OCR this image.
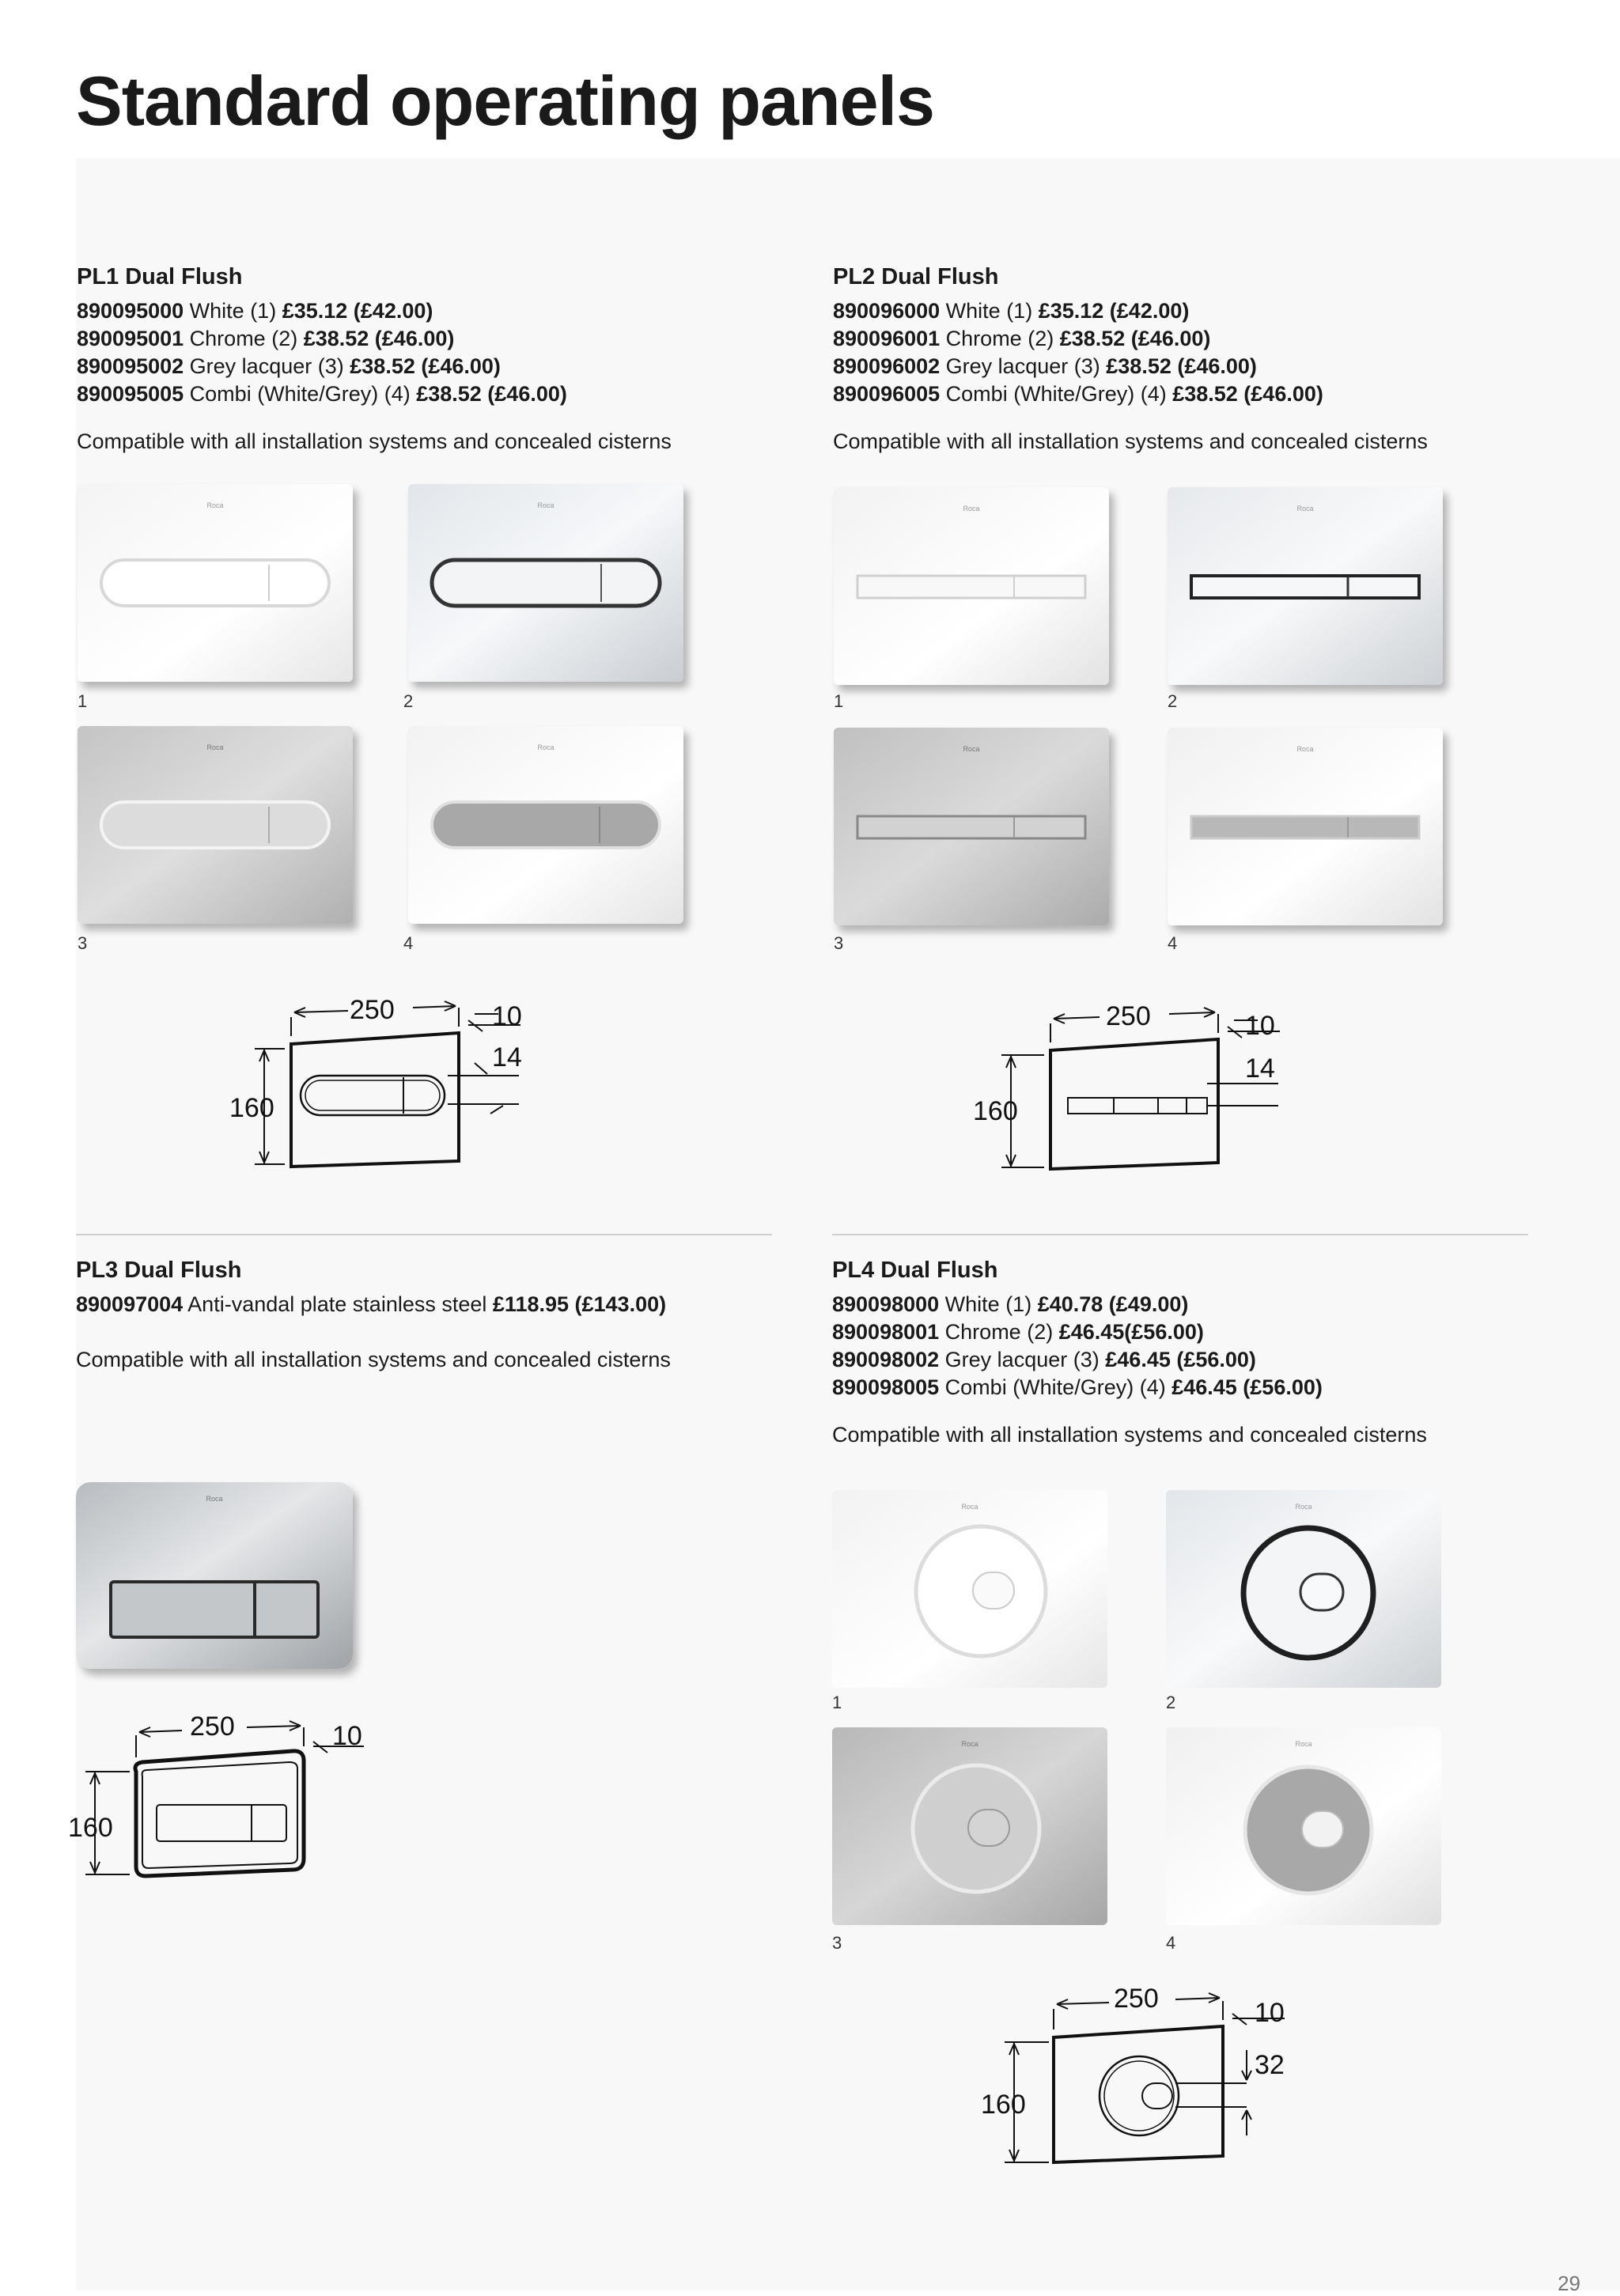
Standard operating panels
PL1 Dual Flush
890095000 White (1) £35.12 (£42.00)
890095001 Chrome (2) £38.52 (£46.00)
890095002 Grey lacquer (3) £38.52 (£46.00)
890095005 Combi (White/Grey) (4) £38.52 (£46.00)
Compatible with all installation systems and concealed cisterns
Roca	Roca
Roca	Roca
1	2
3	4
250	10
14
160
PL2 Dual Flush
890096000 White (1) £35.12 (£42.00)
890096001 Chrome (2) £38.52 (£46.00)
890096002 Grey lacquer (3) £38.52 (£46.00)
890096005 Combi (White/Grey) (4) £38.52 (£46.00)
Compatible with all installation systems and concealed cisterns
Roca	Roca
Roca	Roca
1	2
3	4
250	10
14
160
PL3 Dual Flush
890097004 Anti-vandal plate stainless steel £118.95 (£143.00)
Compatible with all installation systems and concealed cisterns
Roca
250	10
160
PL4 Dual Flush
890098000 White (1) £40.78 (£49.00)
890098001 Chrome (2) £46.45(£56.00)
890098002 Grey lacquer (3) £46.45 (£56.00)
890098005 Combi (White/Grey) (4) £46.45 (£56.00)
Compatible with all installation systems and concealed cisterns
Roca	Roca
Roca	Roca
1	2
3	4
250	10
32
160
29
